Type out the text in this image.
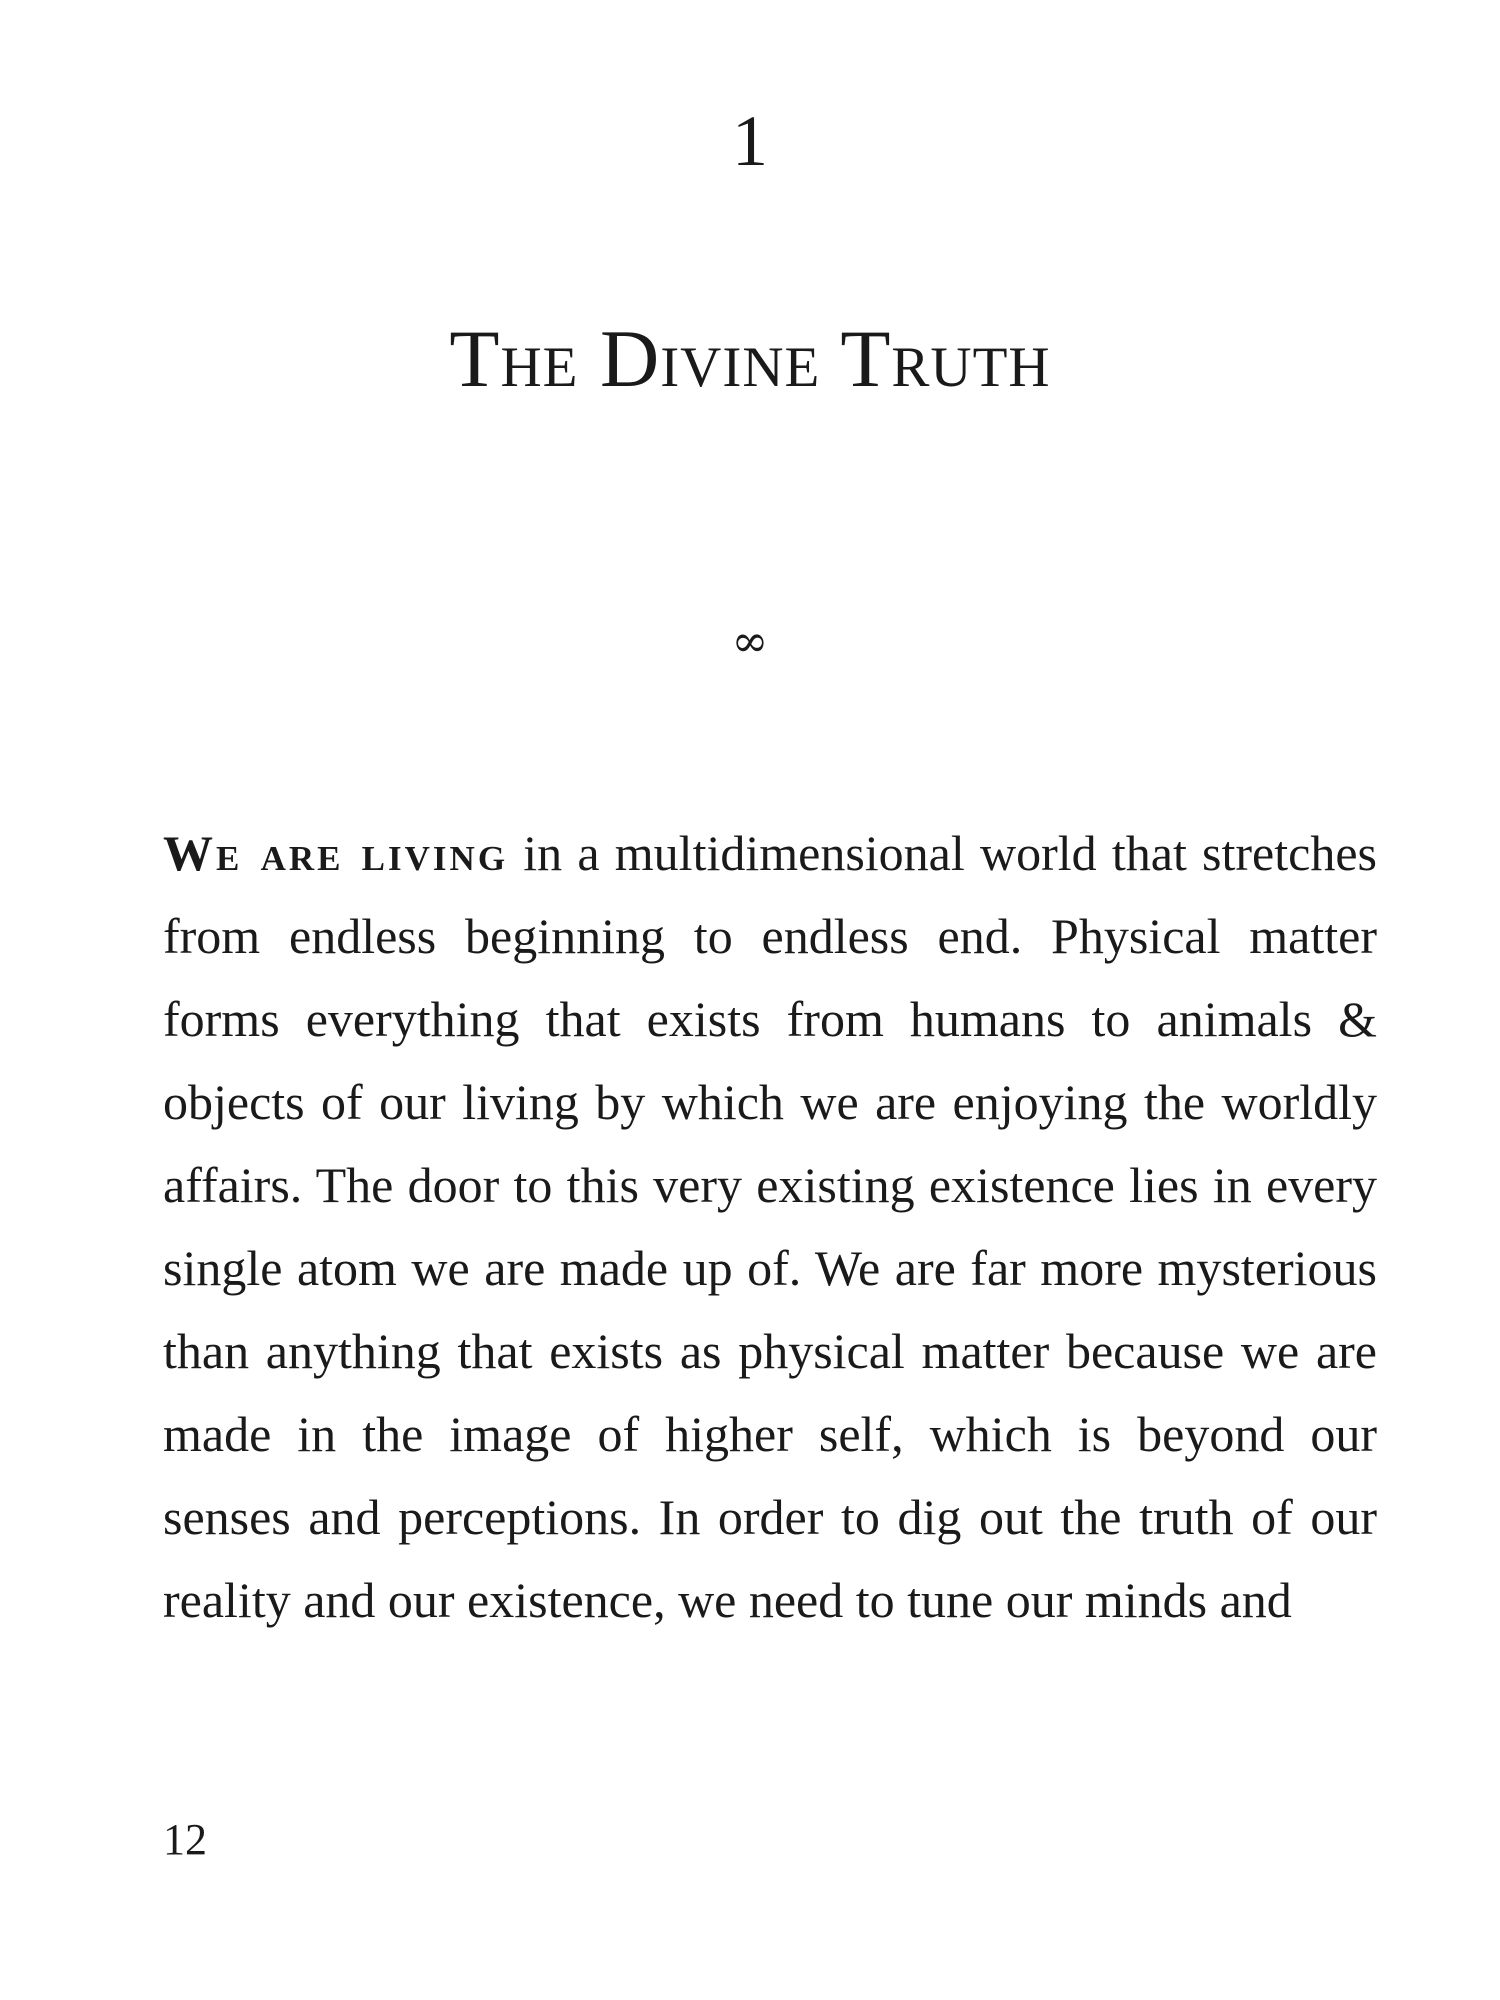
1
The Divine Truth
∞

We are living in a multidimensional world that stretches from endless beginning to endless end. Physical matter forms everything that exists from humans to animals & objects of our living by which we are enjoying the worldly affairs. The door to this very existing existence lies in every single atom we are made up of. We are far more mysterious than anything that exists as physical matter because we are made in the image of higher self, which is beyond our senses and perceptions. In order to dig out the truth of our reality and our existence, we need to tune our minds and

12
